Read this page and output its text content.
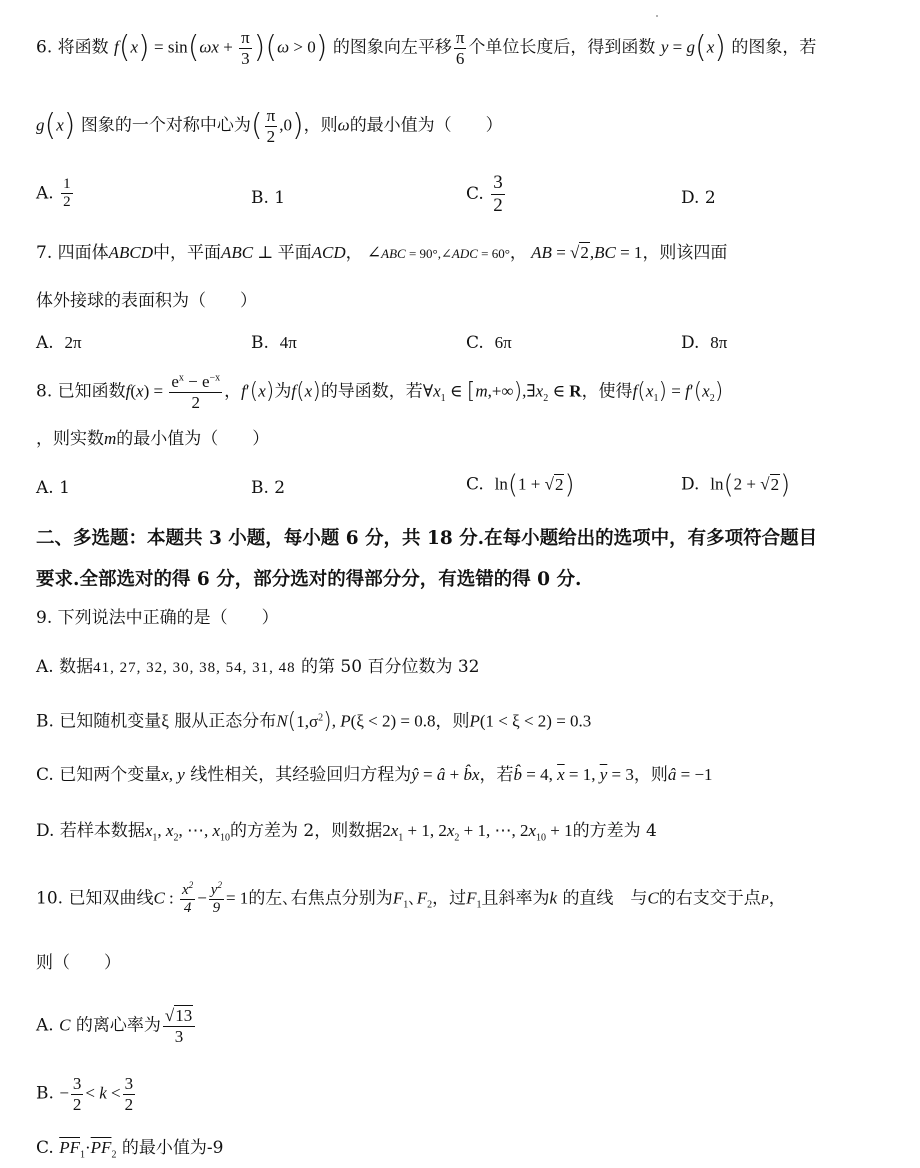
6. 将函数 $f(x) = \sin(\omega x + \frac{\pi}{3} )(\omega > 0)$ 的图象向左平移 $\frac{\pi}{6}$ 个单位长度后，得到函数 y = g(x) 的图象，若
g(x) 图象的一个对称中心为( $\frac{\pi}{2} ,0$)，则ω的最小值为（　　）
A. $\frac{1}{2}$	B. 1	C. $\frac{3}{2}$	D. 2
7. 四面体ABCD中，平面ABC ⊥ 平面ACD， ∠ABC = 90°,∠ADC = 60°， AB = √2,BC = 1，则该四面
体外接球的表面积为（　　）
A. 2π	B. 4π	C. 6π	D. 8π
8. 已知函数$f(x) = \frac{e^x - e^{-x}}{2}$ ，f′(x)为f(x)的导函数，若$\forall x_1$ ∈ $[m,+\infty),\exists x_2$ ∈ R，使得$f(x_1) = f'(x_2)$
，则实数m的最小值为（　　）
A. 1	B. 2	C. ln(1 + √2)	D. ln(2 + √2)
二、多选题：本题共 3 小题，每小题 6 分，共 18 分.在每小题给出的选项中，有多项符合题目
要求.全部选对的得 6 分，部分选对的得部分分，有选错的得 0 分.
9. 下列说法中正确的是（　　）
A. 数据41, 27, 32, 30, 38, 54, 31, 48 的第 50 百分位数为 32
B. 已知随机变量ξ 服从正态分布$N(1,\sigma^2)$, P(ξ < 2) = 0.8，则P(1 < ξ < 2) = 0.3
C. 已知两个变量x, y 线性相关，其经验回归方程为ŷ = â + b̂x，若b̂ = 4, $\overline{x} = 1$, $\overline{y} = 3$，则â = −1
D. 若样本数据$x_1$, $x_2$, ⋯, $x_{10}$的方差为 2，则数据$2x_1 + 1$, $2x_2 + 1$, ⋯, $2x_{10} + 1$的方差为 4
10. 已知双曲线C : $\frac{x^2}{4} - \frac{y^2}{9} = 1$的左､右焦点分别为$F_1$､$F_2$，过$F_1$且斜率为k 的直线　与C的右支交于点P，
则（　　）
A. C 的离心率为 $\frac{√13}{3}$
B. − $\frac{3}{2} < k < \frac{3}{2}$
C. $\overline{PF}_1\cdot\overline{PF}_2$ 的最小值为-9
